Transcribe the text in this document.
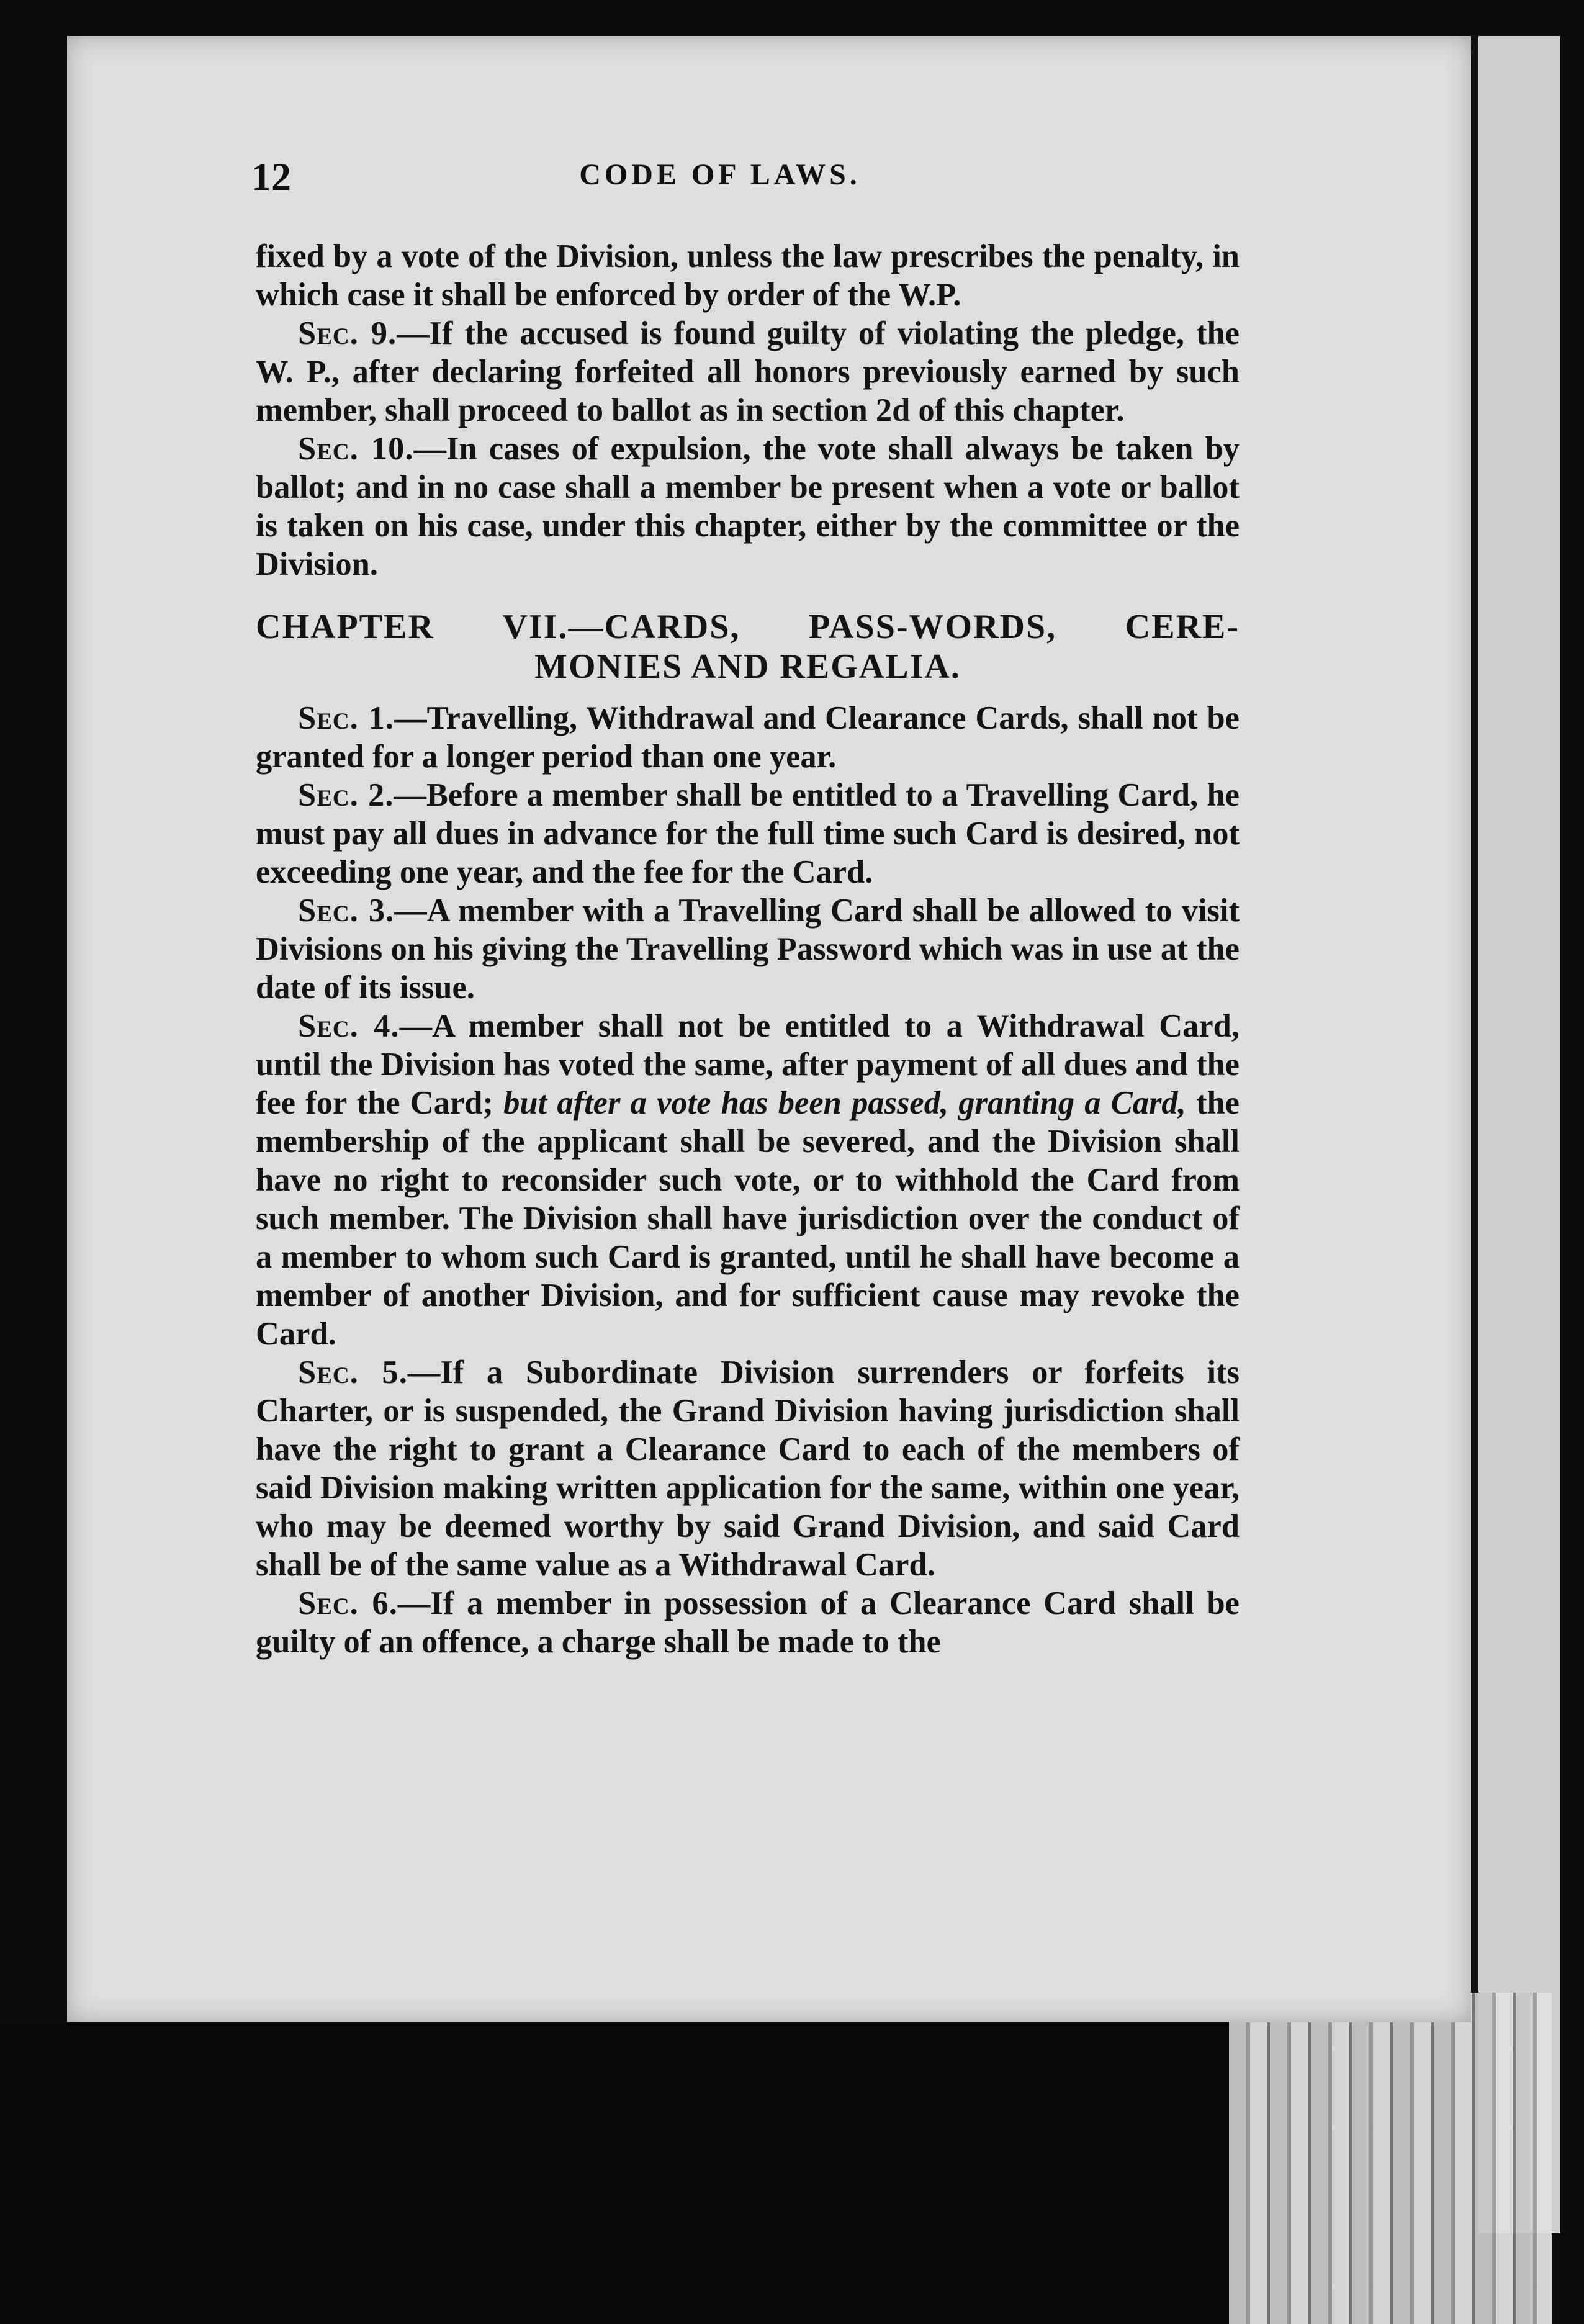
12	CODE OF LAWS.

fixed by a vote of the Division, unless the law prescribes the penalty, in which case it shall be enforced by order of the W.P.

Sec. 9.—If the accused is found guilty of violating the pledge, the W. P., after declaring forfeited all honors previously earned by such member, shall proceed to ballot as in section 2d of this chapter.

Sec. 10.—In cases of expulsion, the vote shall always be taken by ballot; and in no case shall a member be present when a vote or ballot is taken on his case, under this chapter, either by the committee or the Division.

CHAPTER VII.—CARDS, PASS-WORDS, CERE-
MONIES AND REGALIA.

Sec. 1.—Travelling, Withdrawal and Clearance Cards, shall not be granted for a longer period than one year.

Sec. 2.—Before a member shall be entitled to a Travelling Card, he must pay all dues in advance for the full time such Card is desired, not exceeding one year, and the fee for the Card.

Sec. 3.—A member with a Travelling Card shall be allowed to visit Divisions on his giving the Travelling Password which was in use at the date of its issue.

Sec. 4.—A member shall not be entitled to a Withdrawal Card, until the Division has voted the same, after payment of all dues and the fee for the Card; but after a vote has been passed, granting a Card, the membership of the applicant shall be severed, and the Division shall have no right to reconsider such vote, or to withhold the Card from such member. The Division shall have jurisdiction over the conduct of a member to whom such Card is granted, until he shall have become a member of another Division, and for sufficient cause may revoke the Card.

Sec. 5.—If a Subordinate Division surrenders or forfeits its Charter, or is suspended, the Grand Division having jurisdiction shall have the right to grant a Clearance Card to each of the members of said Division making written application for the same, within one year, who may be deemed worthy by said Grand Division, and said Card shall be of the same value as a Withdrawal Card.

Sec. 6.—If a member in possession of a Clearance Card shall be guilty of an offence, a charge shall be made to the
